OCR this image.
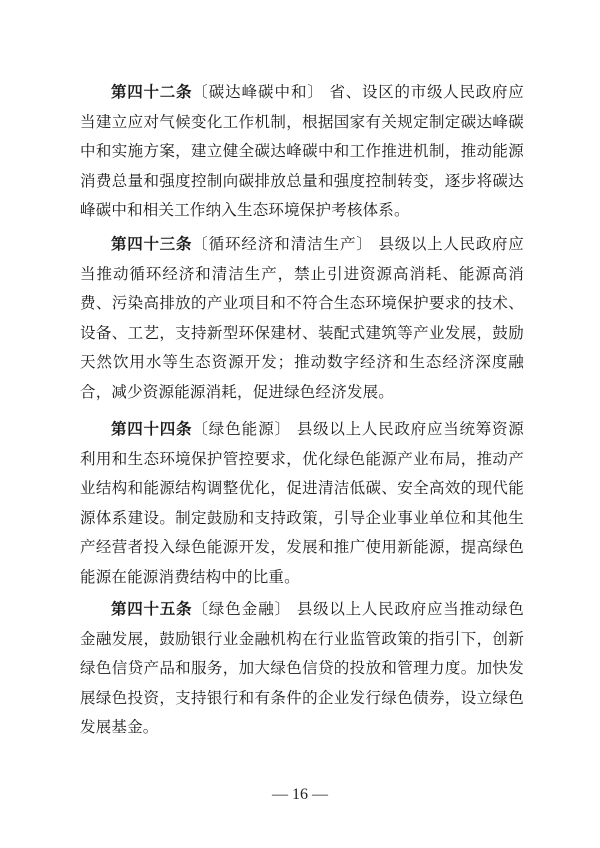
第四十二条〔碳达峰碳中和〕 省、设区的市级人民政府应当建立应对气候变化工作机制，根据国家有关规定制定碳达峰碳中和实施方案，建立健全碳达峰碳中和工作推进机制，推动能源消费总量和强度控制向碳排放总量和强度控制转变，逐步将碳达峰碳中和相关工作纳入生态环境保护考核体系。

第四十三条〔循环经济和清洁生产〕 县级以上人民政府应当推动循环经济和清洁生产，禁止引进资源高消耗、能源高消费、污染高排放的产业项目和不符合生态环境保护要求的技术、设备、工艺，支持新型环保建材、装配式建筑等产业发展，鼓励天然饮用水等生态资源开发；推动数字经济和生态经济深度融合，减少资源能源消耗，促进绿色经济发展。

第四十四条〔绿色能源〕 县级以上人民政府应当统筹资源利用和生态环境保护管控要求，优化绿色能源产业布局，推动产业结构和能源结构调整优化，促进清洁低碳、安全高效的现代能源体系建设。制定鼓励和支持政策，引导企业事业单位和其他生产经营者投入绿色能源开发，发展和推广使用新能源，提高绿色能源在能源消费结构中的比重。

第四十五条〔绿色金融〕 县级以上人民政府应当推动绿色金融发展，鼓励银行业金融机构在行业监管政策的指引下，创新绿色信贷产品和服务，加大绿色信贷的投放和管理力度。加快发展绿色投资，支持银行和有条件的企业发行绿色债券，设立绿色发展基金。

— 16 —
